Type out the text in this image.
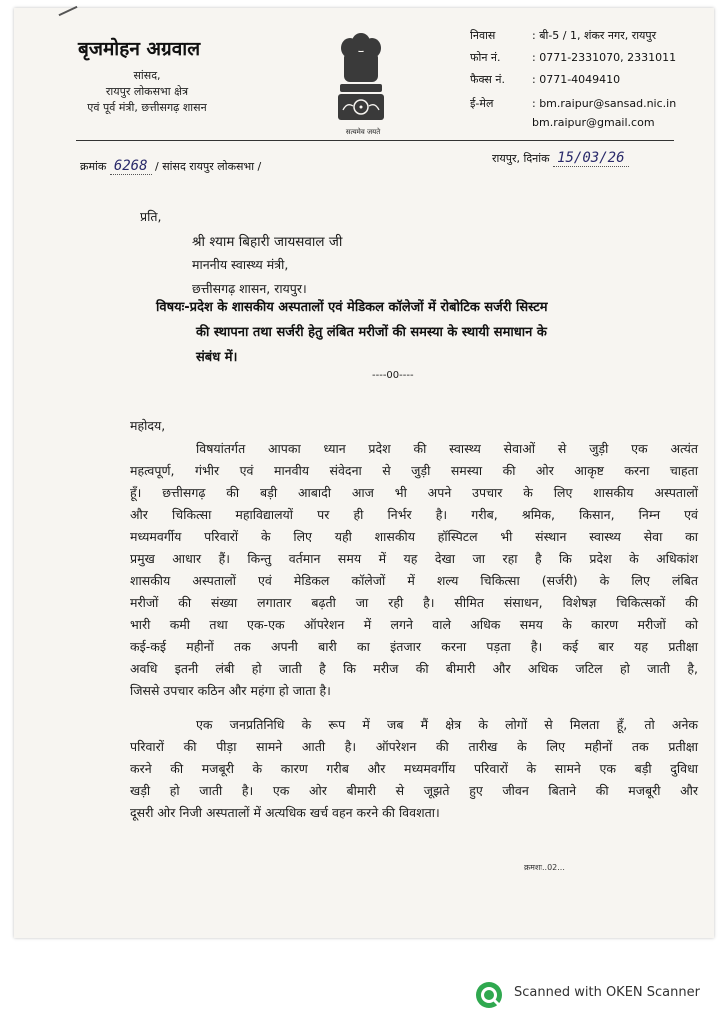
बृजमोहन अग्रवाल
सांसद,
रायपुर लोकसभा क्षेत्र
एवं पूर्व मंत्री, छत्तीसगढ़ शासन
सत्यमेव जयते
निवास	: बी-5 / 1, शंकर नगर, रायपुर
फोन नं.	: 0771-2331070, 2331011
फैक्स नं. : 0771-4049410
ई-मेल	: bm.raipur@sansad.nic.in
bm.raipur@gmail.com
क्रमांक 6268 / सांसद रायपुर लोकसभा /
रायपुर, दिनांक 15/03/26
प्रति,
श्री श्याम बिहारी जायसवाल जी
माननीय स्वास्थ्य मंत्री,
छत्तीसगढ़ शासन, रायपुर।
विषयः-प्रदेश के शासकीय अस्पतालों एवं मेडिकल कॉलेजों में रोबोटिक सर्जरी सिस्टम
की स्थापना तथा सर्जरी हेतु लंबित मरीजों की समस्या के स्थायी समाधान के
संबंध में।
----00----
महोदय,
विषयांतर्गत आपका ध्यान प्रदेश की स्वास्थ्य सेवाओं से जुड़ी एक अत्यंत
महत्वपूर्ण, गंभीर एवं मानवीय संवेदना से जुड़ी समस्या की ओर आकृष्ट करना चाहता
हूँ। छत्तीसगढ़ की बड़ी आबादी आज भी अपने उपचार के लिए शासकीय अस्पतालों
और चिकित्सा महाविद्यालयों पर ही निर्भर है। गरीब, श्रमिक, किसान, निम्न एवं
मध्यमवर्गीय परिवारों के लिए यही शासकीय हॉस्पिटल भी संस्थान स्वास्थ्य सेवा का
प्रमुख आधार हैं। किन्तु वर्तमान समय में यह देखा जा रहा है कि प्रदेश के अधिकांश
शासकीय अस्पतालों एवं मेडिकल कॉलेजों में शल्य चिकित्सा (सर्जरी) के लिए लंबित
मरीजों की संख्या लगातार बढ़ती जा रही है। सीमित संसाधन, विशेषज्ञ चिकित्सकों की
भारी कमी तथा एक-एक ऑपरेशन में लगने वाले अधिक समय के कारण मरीजों को
कई-कई महीनों तक अपनी बारी का इंतजार करना पड़ता है। कई बार यह प्रतीक्षा
अवधि इतनी लंबी हो जाती है कि मरीज की बीमारी और अधिक जटिल हो जाती है,
जिससे उपचार कठिन और महंगा हो जाता है।
एक जनप्रतिनिधि के रूप में जब मैं क्षेत्र के लोगों से मिलता हूँ, तो अनेक
परिवारों की पीड़ा सामने आती है। ऑपरेशन की तारीख के लिए महीनों तक प्रतीक्षा
करने की मजबूरी के कारण गरीब और मध्यमवर्गीय परिवारों के सामने एक बड़ी दुविधा
खड़ी हो जाती है। एक ओर बीमारी से जूझते हुए जीवन बिताने की मजबूरी और
दूसरी ओर निजी अस्पतालों में अत्यधिक खर्च वहन करने की विवशता।
क्रमशः..02...
Scanned with OKEN Scanner
